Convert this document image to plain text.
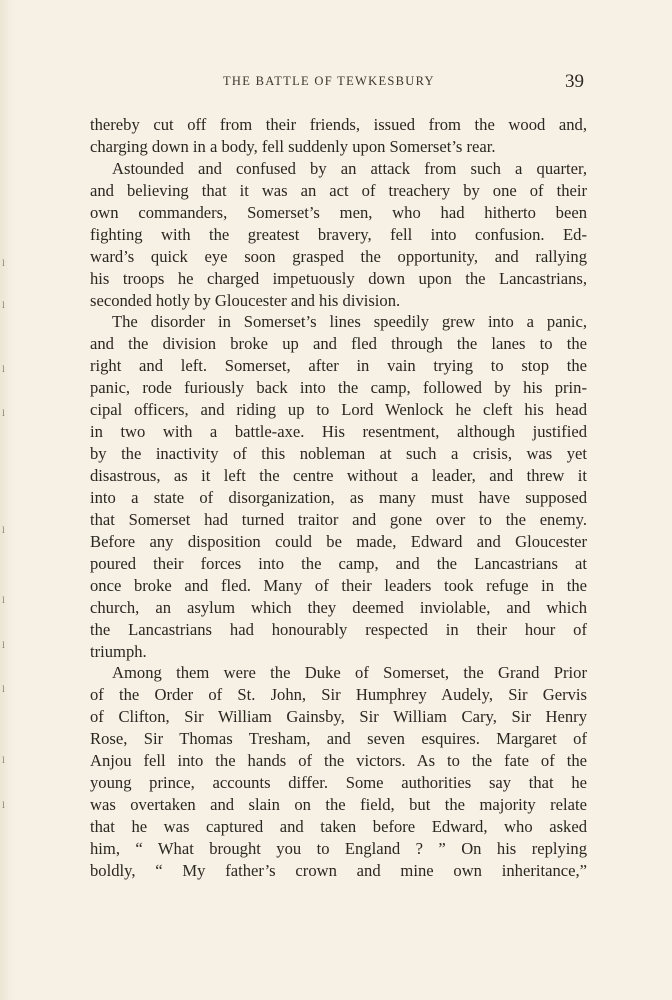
ı
ı
ı
ı
ı
ı
ı
ı
ı
ı
THE BATTLE OF TEWKESBURY	39
thereby cut off from their friends, issued from the wood and,
charging down in a body, fell suddenly upon Somerset’s rear.
Astounded and confused by an attack from such a quarter,
and believing that it was an act of treachery by one of their
own commanders, Somerset’s men, who had hitherto been
fighting with the greatest bravery, fell into confusion. Ed-
ward’s quick eye soon grasped the opportunity, and rallying
his troops he charged impetuously down upon the Lancastrians,
seconded hotly by Gloucester and his division.
The disorder in Somerset’s lines speedily grew into a panic,
and the division broke up and fled through the lanes to the
right and left. Somerset, after in vain trying to stop the
panic, rode furiously back into the camp, followed by his prin-
cipal officers, and riding up to Lord Wenlock he cleft his head
in two with a battle-axe. His resentment, although justified
by the inactivity of this nobleman at such a crisis, was yet
disastrous, as it left the centre without a leader, and threw it
into a state of disorganization, as many must have supposed
that Somerset had turned traitor and gone over to the enemy.
Before any disposition could be made, Edward and Gloucester
poured their forces into the camp, and the Lancastrians at
once broke and fled. Many of their leaders took refuge in the
church, an asylum which they deemed inviolable, and which
the Lancastrians had honourably respected in their hour of
triumph.
Among them were the Duke of Somerset, the Grand Prior
of the Order of St. John, Sir Humphrey Audely, Sir Gervis
of Clifton, Sir William Gainsby, Sir William Cary, Sir Henry
Rose, Sir Thomas Tresham, and seven esquires. Margaret of
Anjou fell into the hands of the victors. As to the fate of the
young prince, accounts differ. Some authorities say that he
was overtaken and slain on the field, but the majority relate
that he was captured and taken before Edward, who asked
him, “ What brought you to England ? ” On his replying
boldly, “ My father’s crown and mine own inheritance,”
